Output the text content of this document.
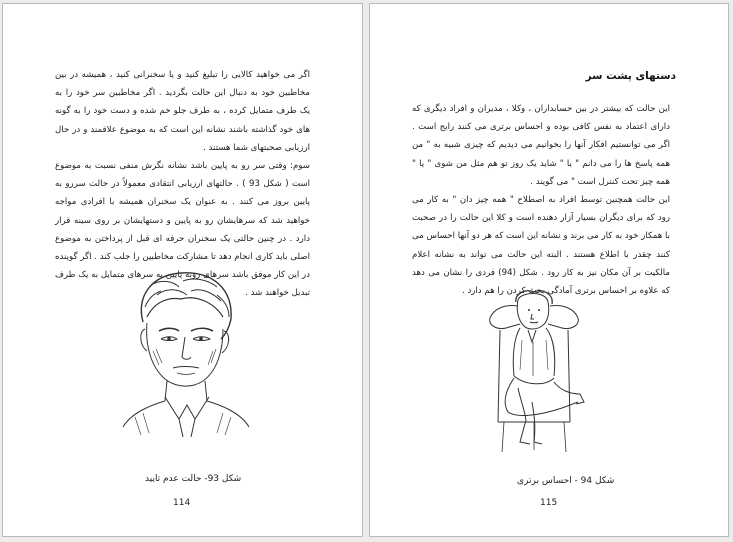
اگر می خواهید کالایی را تبلیغ کنید و یا سخنرانی کنید ، همیشه در بین مخاطبین خود به دنبال این حالت بگردید . اگر مخاطبین سر خود را به یک طرف متمایل کرده ، به طرف جلو خم شده و دست خود را به گونه های خود گذاشته باشند نشانه این است که به موضوع علاقمند و در حال ارزیابی صحبتهای شما هستند .

سوم: وقتی سر رو به پایین باشد نشانه نگرش منفی نسبت به موضوع است ( شکل 93 ) . حالتهای ارزیابی انتقادی معمولاً در حالت سررو به پایین بروز می کنند . به عنوان یک سخنران همیشه با افرادی مواجه خواهید شد که سرهایشان رو به پایین و دستهایشان بر روی سینه قرار دارد . در چنین حالتی یک سخنران حرفه ای قبل از پرداختن به موضوع اصلی باید کاری انجام دهد تا مشارکت مخاطبین را جلب کند . اگر گوینده در این کار موفق باشد سرهای روبه پایین به سرهای متمایل به یک طرف تبدیل خواهند شد .

شکل 93- حالت عدم تایید
114
دستهای پشت سر

این حالت که بیشتر در بین حسابداران ، وکلا ، مدیران و افراد دیگری که دارای اعتماد به نفس کافی بوده و احساس برتری می کنند رایج است . اگر می توانستیم افکار آنها را بخوانیم می دیدیم که چیزی شبیه به " من همه پاسخ ها را می دانم " یا " شاید یک روز تو هم مثل من شوی " یا " همه چیز تحت کنترل است " می گویند .

این حالت همچنین توسط افراد به اصطلاح " همه چیز دان " به کار می رود که برای دیگران بسیار آزار دهنده است و کلا این حالت را در صحبت با همکار خود به کار می برند و نشانه این است که هر دو آنها احساس می کنند چقدر با اطلاع هستند . البته این حالت می تواند به نشانه اعلام مالکیت بر آن مکان نیز به کار رود . شکل (94) فردی را نشان می دهد که علاوه بر احساس برتری آمادگی بحث کردن را هم دارد .

شکل 94 - احساس برتری
115
